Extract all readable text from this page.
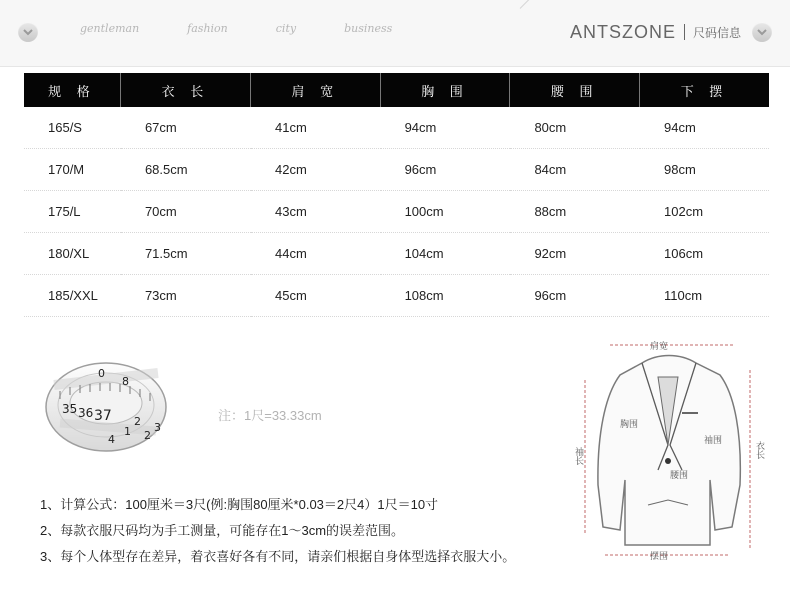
gentleman	fashion	city	business	ANTSZONE 尺码信息
规 格	衣 长	肩 宽	胸 围	腰 围	下 摆
165/S	67cm	41cm	94cm	80cm	94cm
170/M	68.5cm	42cm	96cm	84cm	98cm
175/L	70cm	43cm	100cm	88cm	102cm
180/XL	71.5cm	44cm	104cm	92cm	106cm
185/XXL	73cm	45cm	108cm	96cm	110cm
35 36 37
8
2
1 2
3
4
0
注：1尺=33.33cm
1、计算公式：100厘米＝3尺(例:胸围80厘米*0.03＝2尺4）1尺＝10寸
2、每款衣服尺码均为手工测量，可能存在1～3cm的误差范围。
3、每个人体型存在差异，着衣喜好各有不同，请亲们根据自身体型选择衣服大小。
肩宽
胸围
袖长
袖围
腰围
衣长
摆围
